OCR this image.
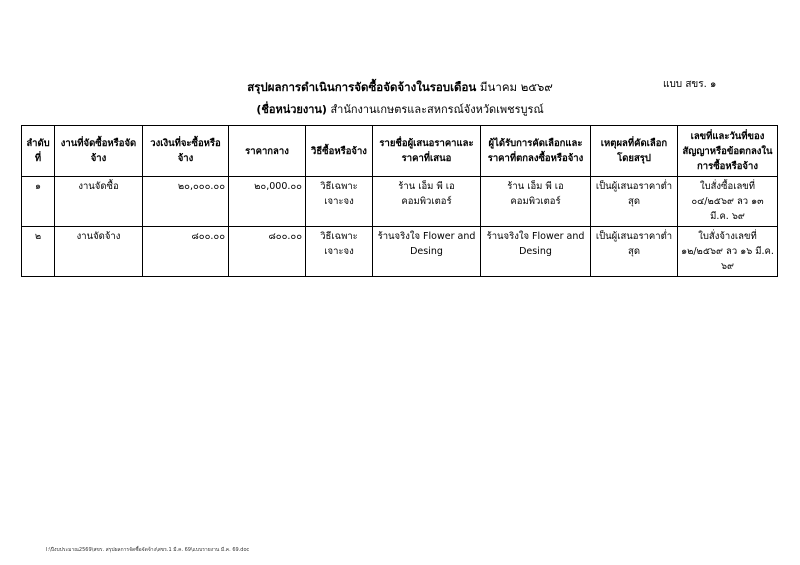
แบบ สขร. ๑
สรุปผลการดำเนินการจัดซื้อจัดจ้างในรอบเดือน มีนาคม ๒๕๖๙
(ชื่อหน่วยงาน) สำนักงานเกษตรและสหกรณ์จังหวัดเพชรบูรณ์
ลำดับที่	งานที่จัดซื้อหรือจัดจ้าง	วงเงินที่จะซื้อหรือจ้าง	ราคากลาง	วิธีซื้อหรือจ้าง	รายชื่อผู้เสนอราคาและราคาที่เสนอ	ผู้ได้รับการคัดเลือกและราคาที่ตกลงซื้อหรือจ้าง	เหตุผลที่คัดเลือกโดยสรุป	เลขที่และวันที่ของสัญญาหรือข้อตกลงในการซื้อหรือจ้าง
๑	งานจัดซื้อ	๒๐,๐๐๐.๐๐	๒๐,000.๐๐	วิธีเฉพาะเจาะจง	ร้าน เอ็ม พี เอ คอมพิวเตอร์	ร้าน เอ็ม พี เอ คอมพิวเตอร์	เป็นผู้เสนอราคาต่ำสุด	ใบสั่งซื้อเลขที่ ๐๔/๒๕๖๙ ลว ๑๓ มี.ค. ๖๙
๒	งานจัดจ้าง	๘๐๐.๐๐	๘๐๐.๐๐	วิธีเฉพาะเจาะจง	ร้านจริงใจ Flower and Desing	ร้านจริงใจ Flower and Desing	เป็นผู้เสนอราคาต่ำสุด	ใบสั่งจ้างเลขที่ ๑๒/๒๕๖๙ ลว ๑๖ มี.ค. ๖๙
I:\ปีงบประมาณ2569\สขร. สรุปผลการจัดซื้อจัดจ้าง\สขร.1 มี.ค. 69\แบบรายงาน มี.ค. 69.doc
